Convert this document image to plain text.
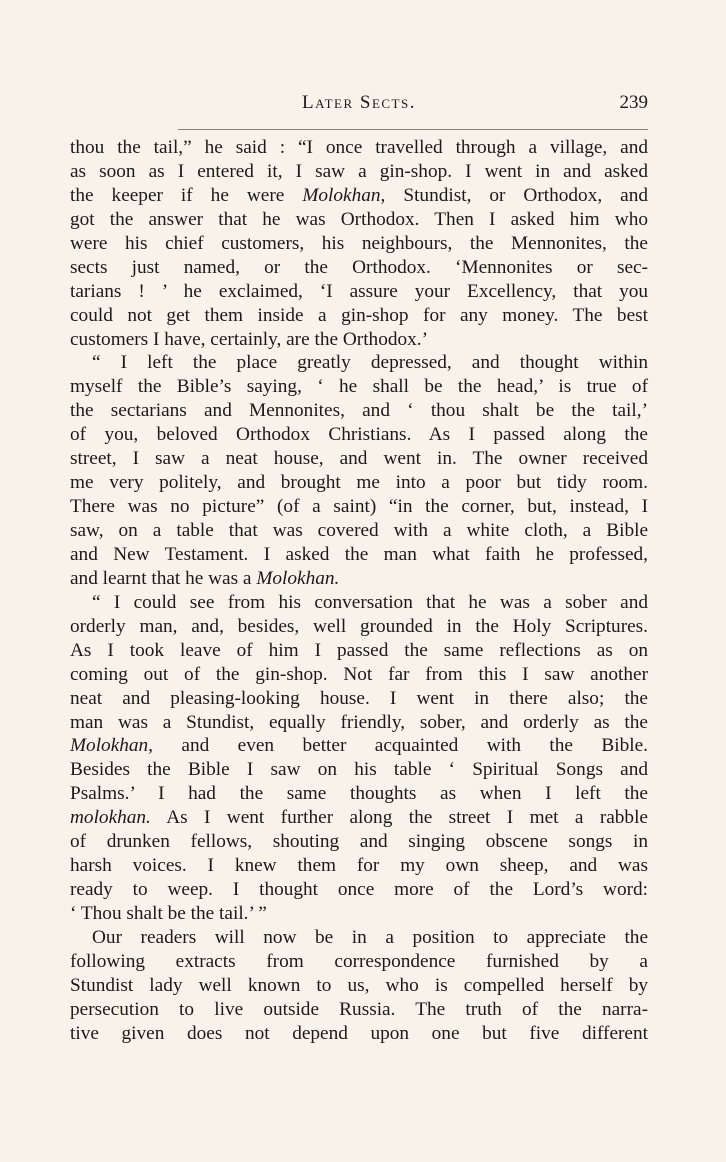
Later Sects.	239
thou the tail,” he said : “I once travelled through a village, and
as soon as I entered it, I saw a gin-shop. I went in and asked
the keeper if he were Molokhan, Stundist, or Orthodox, and
got the answer that he was Orthodox. Then I asked him who
were his chief customers, his neighbours, the Mennonites, the
sects just named, or the Orthodox. ‘Mennonites or sec-
tarians ! ’ he exclaimed, ‘I assure your Excellency, that you
could not get them inside a gin-shop for any money. The best
customers I have, certainly, are the Orthodox.’
“ I left the place greatly depressed, and thought within
myself the Bible’s saying, ‘ he shall be the head,’ is true of
the sectarians and Mennonites, and ‘ thou shalt be the tail,’
of you, beloved Orthodox Christians. As I passed along the
street, I saw a neat house, and went in. The owner received
me very politely, and brought me into a poor but tidy room.
There was no picture” (of a saint) “in the corner, but, instead, I
saw, on a table that was covered with a white cloth, a Bible
and New Testament. I asked the man what faith he professed,
and learnt that he was a Molokhan.
“ I could see from his conversation that he was a sober and
orderly man, and, besides, well grounded in the Holy Scriptures.
As I took leave of him I passed the same reflections as on
coming out of the gin-shop. Not far from this I saw another
neat and pleasing-looking house. I went in there also; the
man was a Stundist, equally friendly, sober, and orderly as the
Molokhan, and even better acquainted with the Bible.
Besides the Bible I saw on his table ‘ Spiritual Songs and
Psalms.’ I had the same thoughts as when I left the
molokhan. As I went further along the street I met a rabble
of drunken fellows, shouting and singing obscene songs in
harsh voices. I knew them for my own sheep, and was
ready to weep. I thought once more of the Lord’s word:
‘ Thou shalt be the tail.’ ”
Our readers will now be in a position to appreciate the
following extracts from correspondence furnished by a
Stundist lady well known to us, who is compelled herself by
persecution to live outside Russia. The truth of the narra-
tive given does not depend upon one but five different
